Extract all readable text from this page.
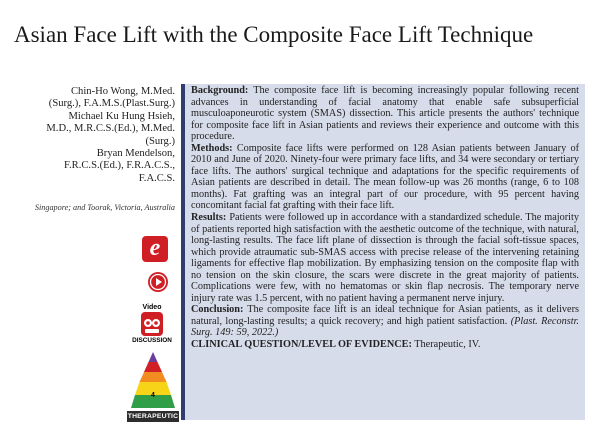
Asian Face Lift with the Composite Face Lift Technique
Chin-Ho Wong, M.Med.
(Surg.), F.A.M.S.(Plast.Surg.)
Michael Ku Hung Hsieh,
M.D., M.R.C.S.(Ed.), M.Med.
(Surg.)
Bryan Mendelson,
F.R.C.S.(Ed.), F.R.A.C.S.,
F.A.C.S.
Singapore; and Toorak, Victoria, Australia
e
Video
DISCUSSION
4
THERAPEUTIC

Background: The composite face lift is becoming increasingly popular following recent advances in understanding of facial anatomy that enable safe subsuperficial musculoaponeurotic system (SMAS) dissection. This article presents the authors' technique for composite face lift in Asian patients and reviews their experience and outcome with this procedure.

Methods: Composite face lifts were performed on 128 Asian patients between January of 2010 and June of 2020. Ninety-four were primary face lifts, and 34 were secondary or tertiary face lifts. The authors' surgical technique and adaptations for the specific requirements of Asian patients are described in detail. The mean follow-up was 26 months (range, 6 to 108 months). Fat grafting was an integral part of our procedure, with 95 percent having concomitant facial fat grafting with their face lift.

Results: Patients were followed up in accordance with a standardized schedule. The majority of patients reported high satisfaction with the aesthetic outcome of the technique, with natural, long-lasting results. The face lift plane of dissection is through the facial soft-tissue spaces, which provide atraumatic sub-SMAS access with precise release of the intervening retaining ligaments for effective flap mobilization. By emphasizing tension on the composite flap with no tension on the skin closure, the scars were discrete in the great majority of patients. Complications were few, with no hematomas or skin flap necrosis. The temporary nerve injury rate was 1.5 percent, with no patient having a permanent nerve injury.

Conclusion: The composite face lift is an ideal technique for Asian patients, as it delivers natural, long-lasting results; a quick recovery; and high patient satisfaction. (Plast. Reconstr. Surg. 149: 59, 2022.)

CLINICAL QUESTION/LEVEL OF EVIDENCE: Therapeutic, IV.
